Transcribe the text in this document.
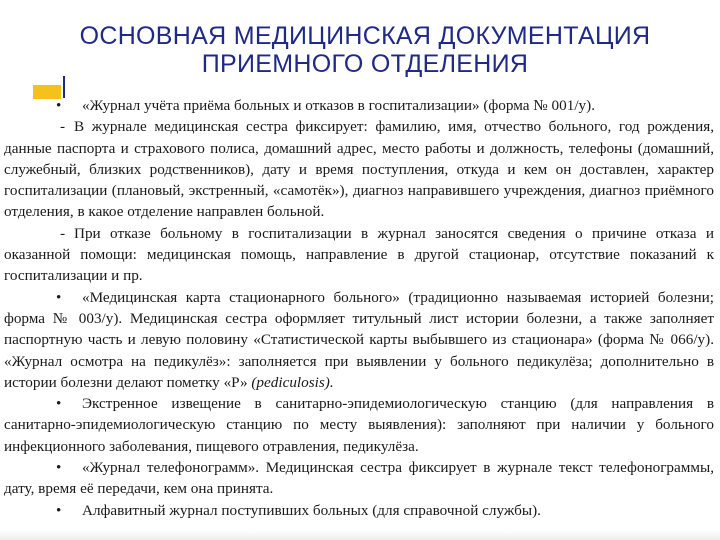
ОСНОВНАЯ МЕДИЦИНСКАЯ ДОКУМЕНТАЦИЯ
ПРИЕМНОГО ОТДЕЛЕНИЯ

• «Журнал учёта приёма больных и отказов в госпитализации» (форма № 001/у).

- В журнале медицинская сестра фиксирует: фамилию, имя, отчество больного, год рождения, данные паспорта и страхового полиса, домашний адрес, место работы и должность, телефоны (домашний, служебный, близких родственников), дату и время поступления, откуда и кем он доставлен, характер госпитализации (плановый, экстренный, «самотёк»), диагноз направившего учреждения, диагноз приёмного отделения, в какое отделение направлен больной.

- При отказе больному в госпитализации в журнал заносятся сведения о причине отказа и оказанной помощи: медицинская помощь, направление в другой стационар, отсутствие показаний к госпитализации и пр.

• «Медицинская карта стационарного больного» (традиционно называемая историей болезни; форма № 003/у). Медицинская сестра оформляет титульный лист истории болезни, а также заполняет паспортную часть и левую половину «Статистической карты выбывшего из стационара» (форма № 066/у). «Журнал осмотра на педикулёз»: заполняется при выявлении у больного педикулёза; дополнительно в истории болезни делают пометку «Р» (pediculosis).

• Экстренное извещение в санитарно-эпидемиологическую станцию (для направления в санитарно-эпидемиологическую станцию по месту выявления): заполняют при наличии у больного инфекционного заболевания, пищевого отравления, педикулёза.

• «Журнал телефонограмм». Медицинская сестра фиксирует в журнале текст телефонограммы, дату, время её передачи, кем она принята.

• Алфавитный журнал поступивших больных (для справочной службы).
